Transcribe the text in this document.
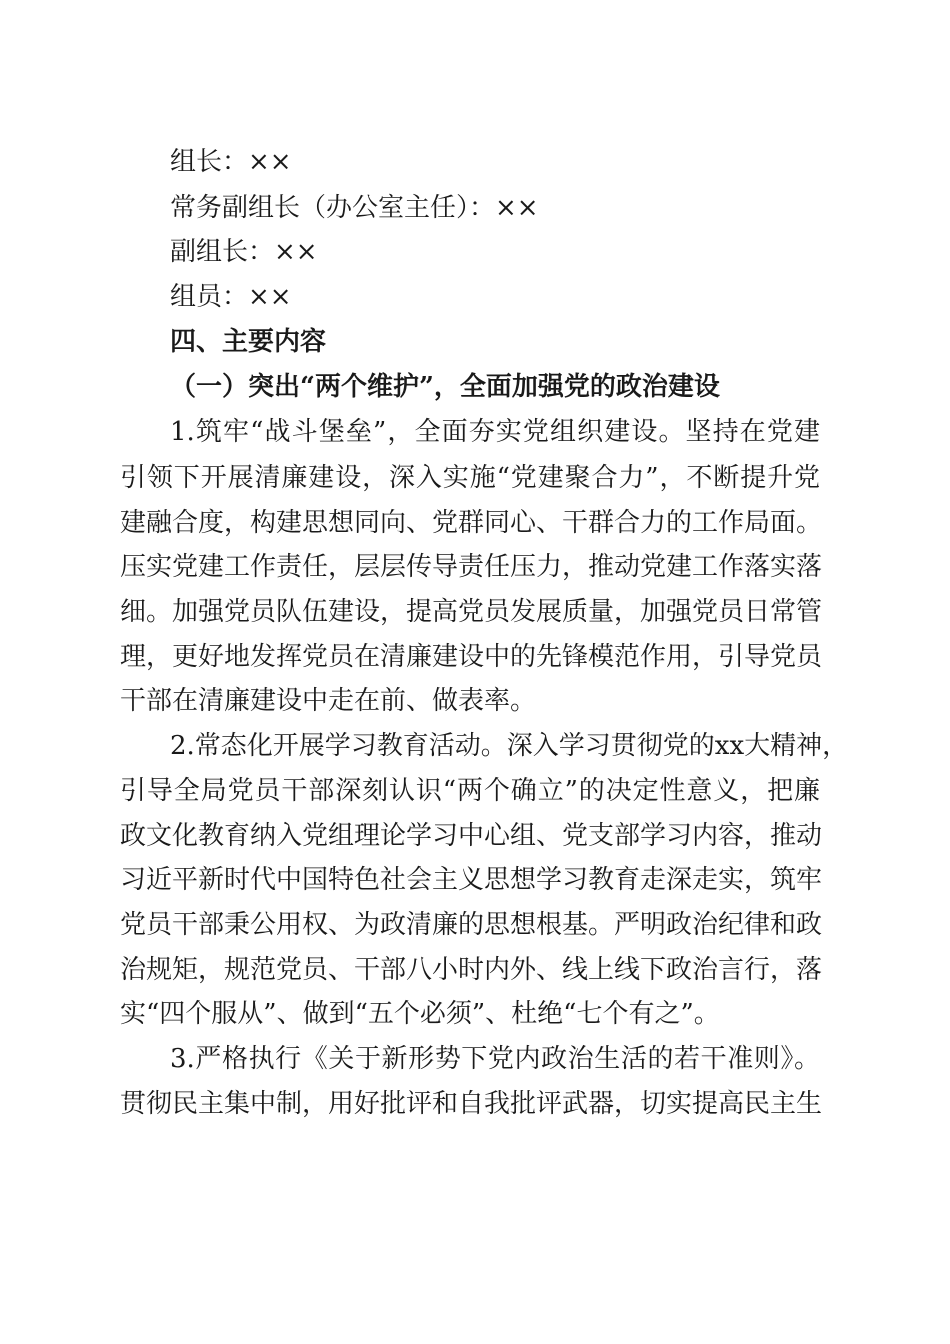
组长：××
常务副组长（办公室主任）：××
副组长：××
组员：××
四、主要内容
（一）突出“两个维护”，全面加强党的政治建设
1.筑牢“战斗堡垒”，全面夯实党组织建设。坚持在党建
引领下开展清廉建设，深入实施“党建聚合力”，不断提升党
建融合度，构建思想同向、党群同心、干群合力的工作局面。
压实党建工作责任，层层传导责任压力，推动党建工作落实落
细。加强党员队伍建设，提高党员发展质量，加强党员日常管
理，更好地发挥党员在清廉建设中的先锋模范作用，引导党员
干部在清廉建设中走在前、做表率。
2.常态化开展学习教育活动。深入学习贯彻党的xx大精神，
引导全局党员干部深刻认识“两个确立”的决定性意义，把廉
政文化教育纳入党组理论学习中心组、党支部学习内容，推动
习近平新时代中国特色社会主义思想学习教育走深走实，筑牢
党员干部秉公用权、为政清廉的思想根基。严明政治纪律和政
治规矩，规范党员、干部八小时内外、线上线下政治言行，落
实“四个服从”、做到“五个必须”、杜绝“七个有之”。
3.严格执行《关于新形势下党内政治生活的若干准则》。
贯彻民主集中制，用好批评和自我批评武器，切实提高民主生
